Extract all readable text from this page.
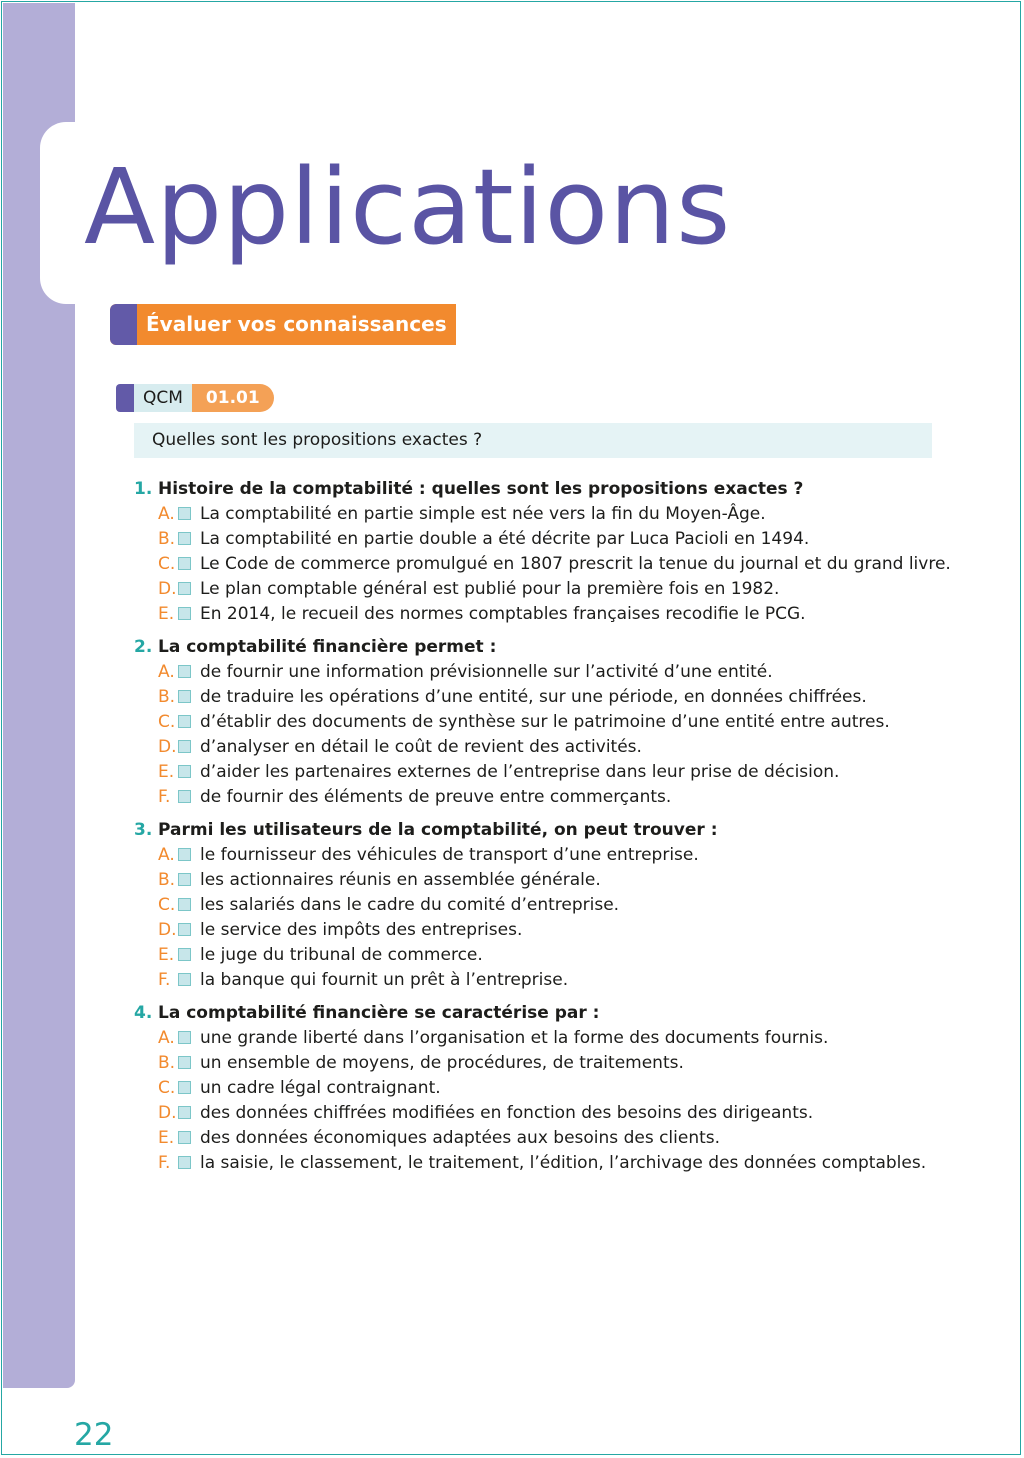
Applications
Évaluer vos connaissances
QCM	01.01
Quelles sont les propositions exactes ?
1. Histoire de la comptabilité : quelles sont les propositions exactes ?
A. La comptabilité en partie simple est née vers la fin du Moyen-Âge.
B. La comptabilité en partie double a été décrite par Luca Pacioli en 1494.
C. Le Code de commerce promulgué en 1807 prescrit la tenue du journal et du grand livre.
D. Le plan comptable général est publié pour la première fois en 1982.
E. En 2014, le recueil des normes comptables françaises recodifie le PCG.
2. La comptabilité financière permet :
A. de fournir une information prévisionnelle sur l’activité d’une entité.
B. de traduire les opérations d’une entité, sur une période, en données chiffrées.
C. d’établir des documents de synthèse sur le patrimoine d’une entité entre autres.
D. d’analyser en détail le coût de revient des activités.
E. d’aider les partenaires externes de l’entreprise dans leur prise de décision.
F.	de fournir des éléments de preuve entre commerçants.
3. Parmi les utilisateurs de la comptabilité, on peut trouver :
A. le fournisseur des véhicules de transport d’une entreprise.
B. les actionnaires réunis en assemblée générale.
C. les salariés dans le cadre du comité d’entreprise.
D. le service des impôts des entreprises.
E. le juge du tribunal de commerce.
F.	la banque qui fournit un prêt à l’entreprise.
4. La comptabilité financière se caractérise par :
A. une grande liberté dans l’organisation et la forme des documents fournis.
B. un ensemble de moyens, de procédures, de traitements.
C. un cadre légal contraignant.
D. des données chiffrées modifiées en fonction des besoins des dirigeants.
E. des données économiques adaptées aux besoins des clients.
F.	la saisie, le classement, le traitement, l’édition, l’archivage des données comptables.
22
